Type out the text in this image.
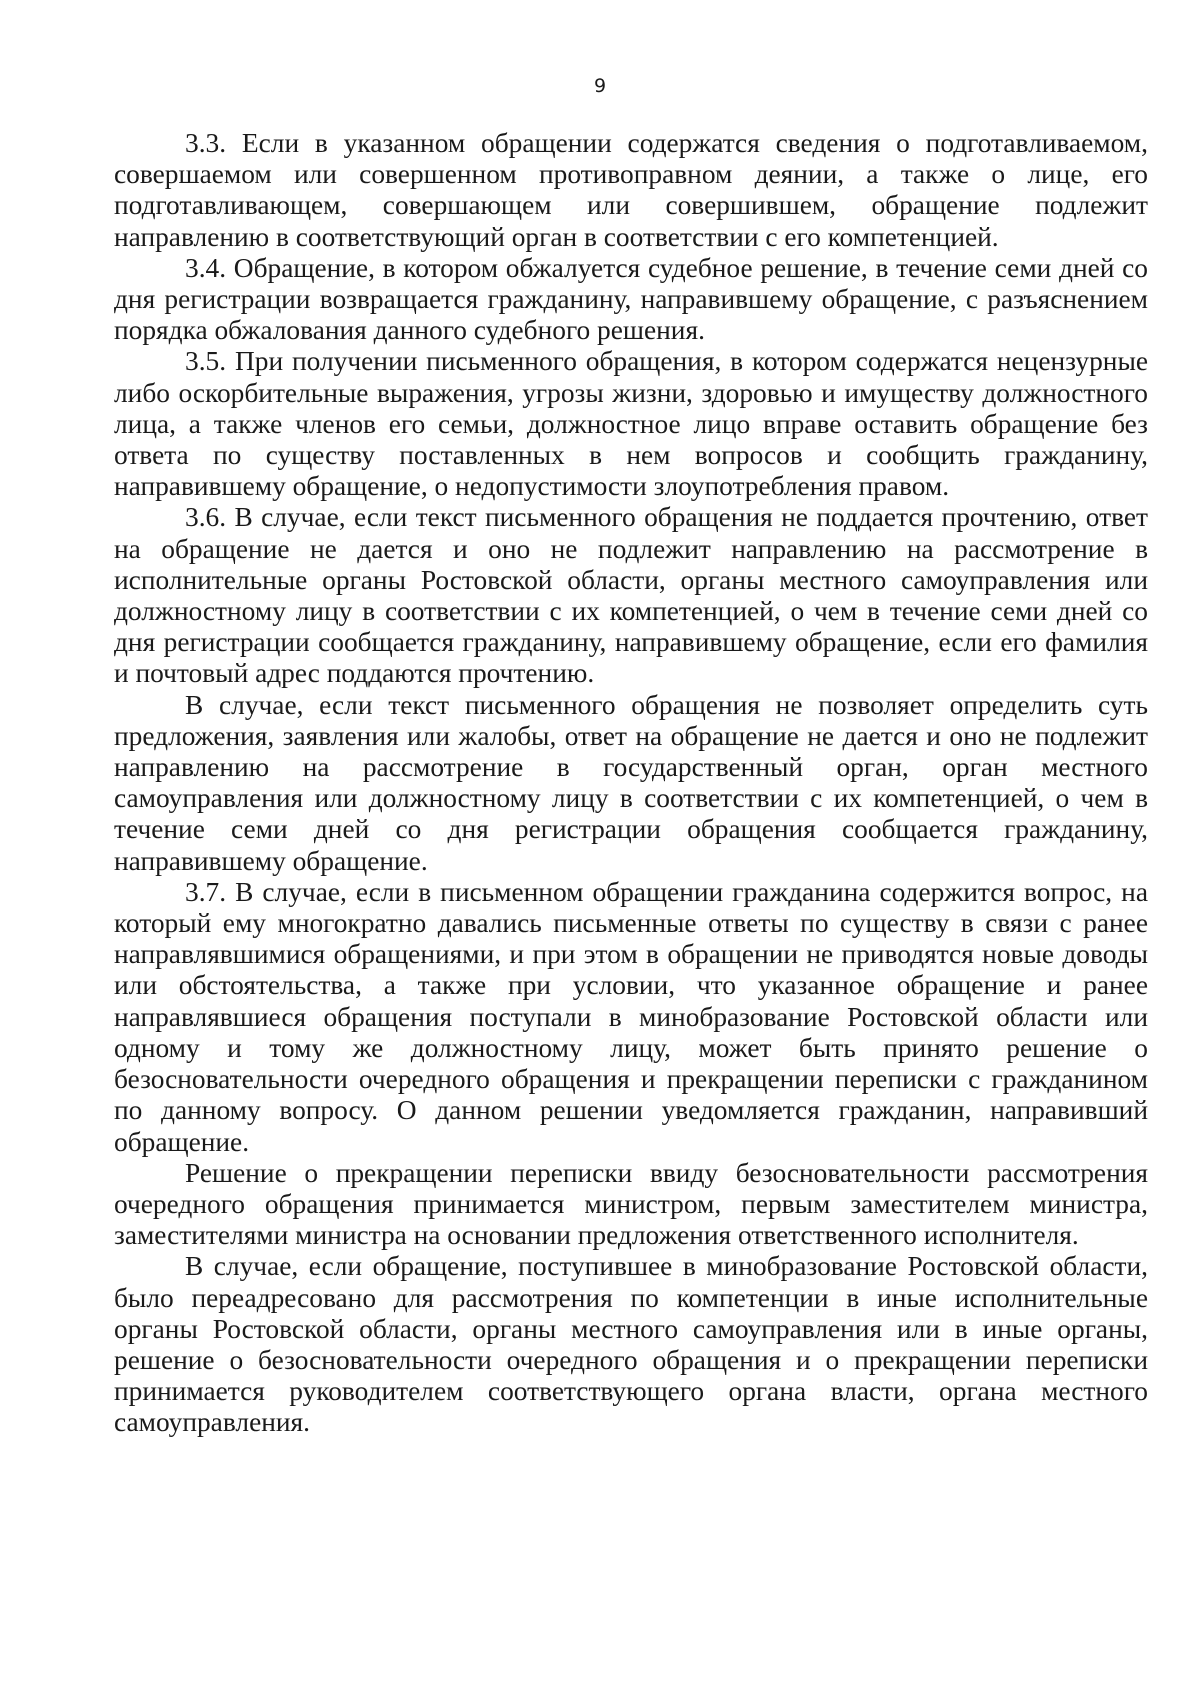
9

3.3. Если в указанном обращении содержатся сведения о подготавливаемом, совершаемом или совершенном противоправном деянии, а также о лице, его подготавливающем, совершающем или совершившем, обращение подлежит направлению в соответствующий орган в соответствии с его компетенцией.

3.4. Обращение, в котором обжалуется судебное решение, в течение семи дней со дня регистрации возвращается гражданину, направившему обращение, с разъяснением порядка обжалования данного судебного решения.

3.5. При получении письменного обращения, в котором содержатся нецензурные либо оскорбительные выражения, угрозы жизни, здоровью и имуществу должностного лица, а также членов его семьи, должностное лицо вправе оставить обращение без ответа по существу поставленных в нем вопросов и сообщить гражданину, направившему обращение, о недопустимости злоупотребления правом.

3.6. В случае, если текст письменного обращения не поддается прочтению, ответ на обращение не дается и оно не подлежит направлению на рассмотрение в исполнительные органы Ростовской области, органы местного самоуправления или должностному лицу в соответствии с их компетенцией, о чем в течение семи дней со дня регистрации сообщается гражданину, направившему обращение, если его фамилия и почтовый адрес поддаются прочтению.

В случае, если текст письменного обращения не позволяет определить суть предложения, заявления или жалобы, ответ на обращение не дается и оно не подлежит направлению на рассмотрение в государственный орган, орган местного самоуправления или должностному лицу в соответствии с их компетенцией, о чем в течение семи дней со дня регистрации обращения сообщается гражданину, направившему обращение.

3.7. В случае, если в письменном обращении гражданина содержится вопрос, на который ему многократно давались письменные ответы по существу в связи с ранее направлявшимися обращениями, и при этом в обращении не приводятся новые доводы или обстоятельства, а также при условии, что указанное обращение и ранее направлявшиеся обращения поступали в минобразование Ростовской области или одному и тому же должностному лицу, может быть принято решение о безосновательности очередного обращения и прекращении переписки с гражданином по данному вопросу. О данном решении уведомляется гражданин, направивший обращение.

Решение о прекращении переписки ввиду безосновательности рассмотрения очередного обращения принимается министром, первым заместителем министра, заместителями министра на основании предложения ответственного исполнителя.

В случае, если обращение, поступившее в минобразование Ростовской области, было переадресовано для рассмотрения по компетенции в иные исполнительные органы Ростовской области, органы местного самоуправления или в иные органы, решение о безосновательности очередного обращения и о прекращении переписки принимается руководителем соответствующего органа власти, органа местного самоуправления.
